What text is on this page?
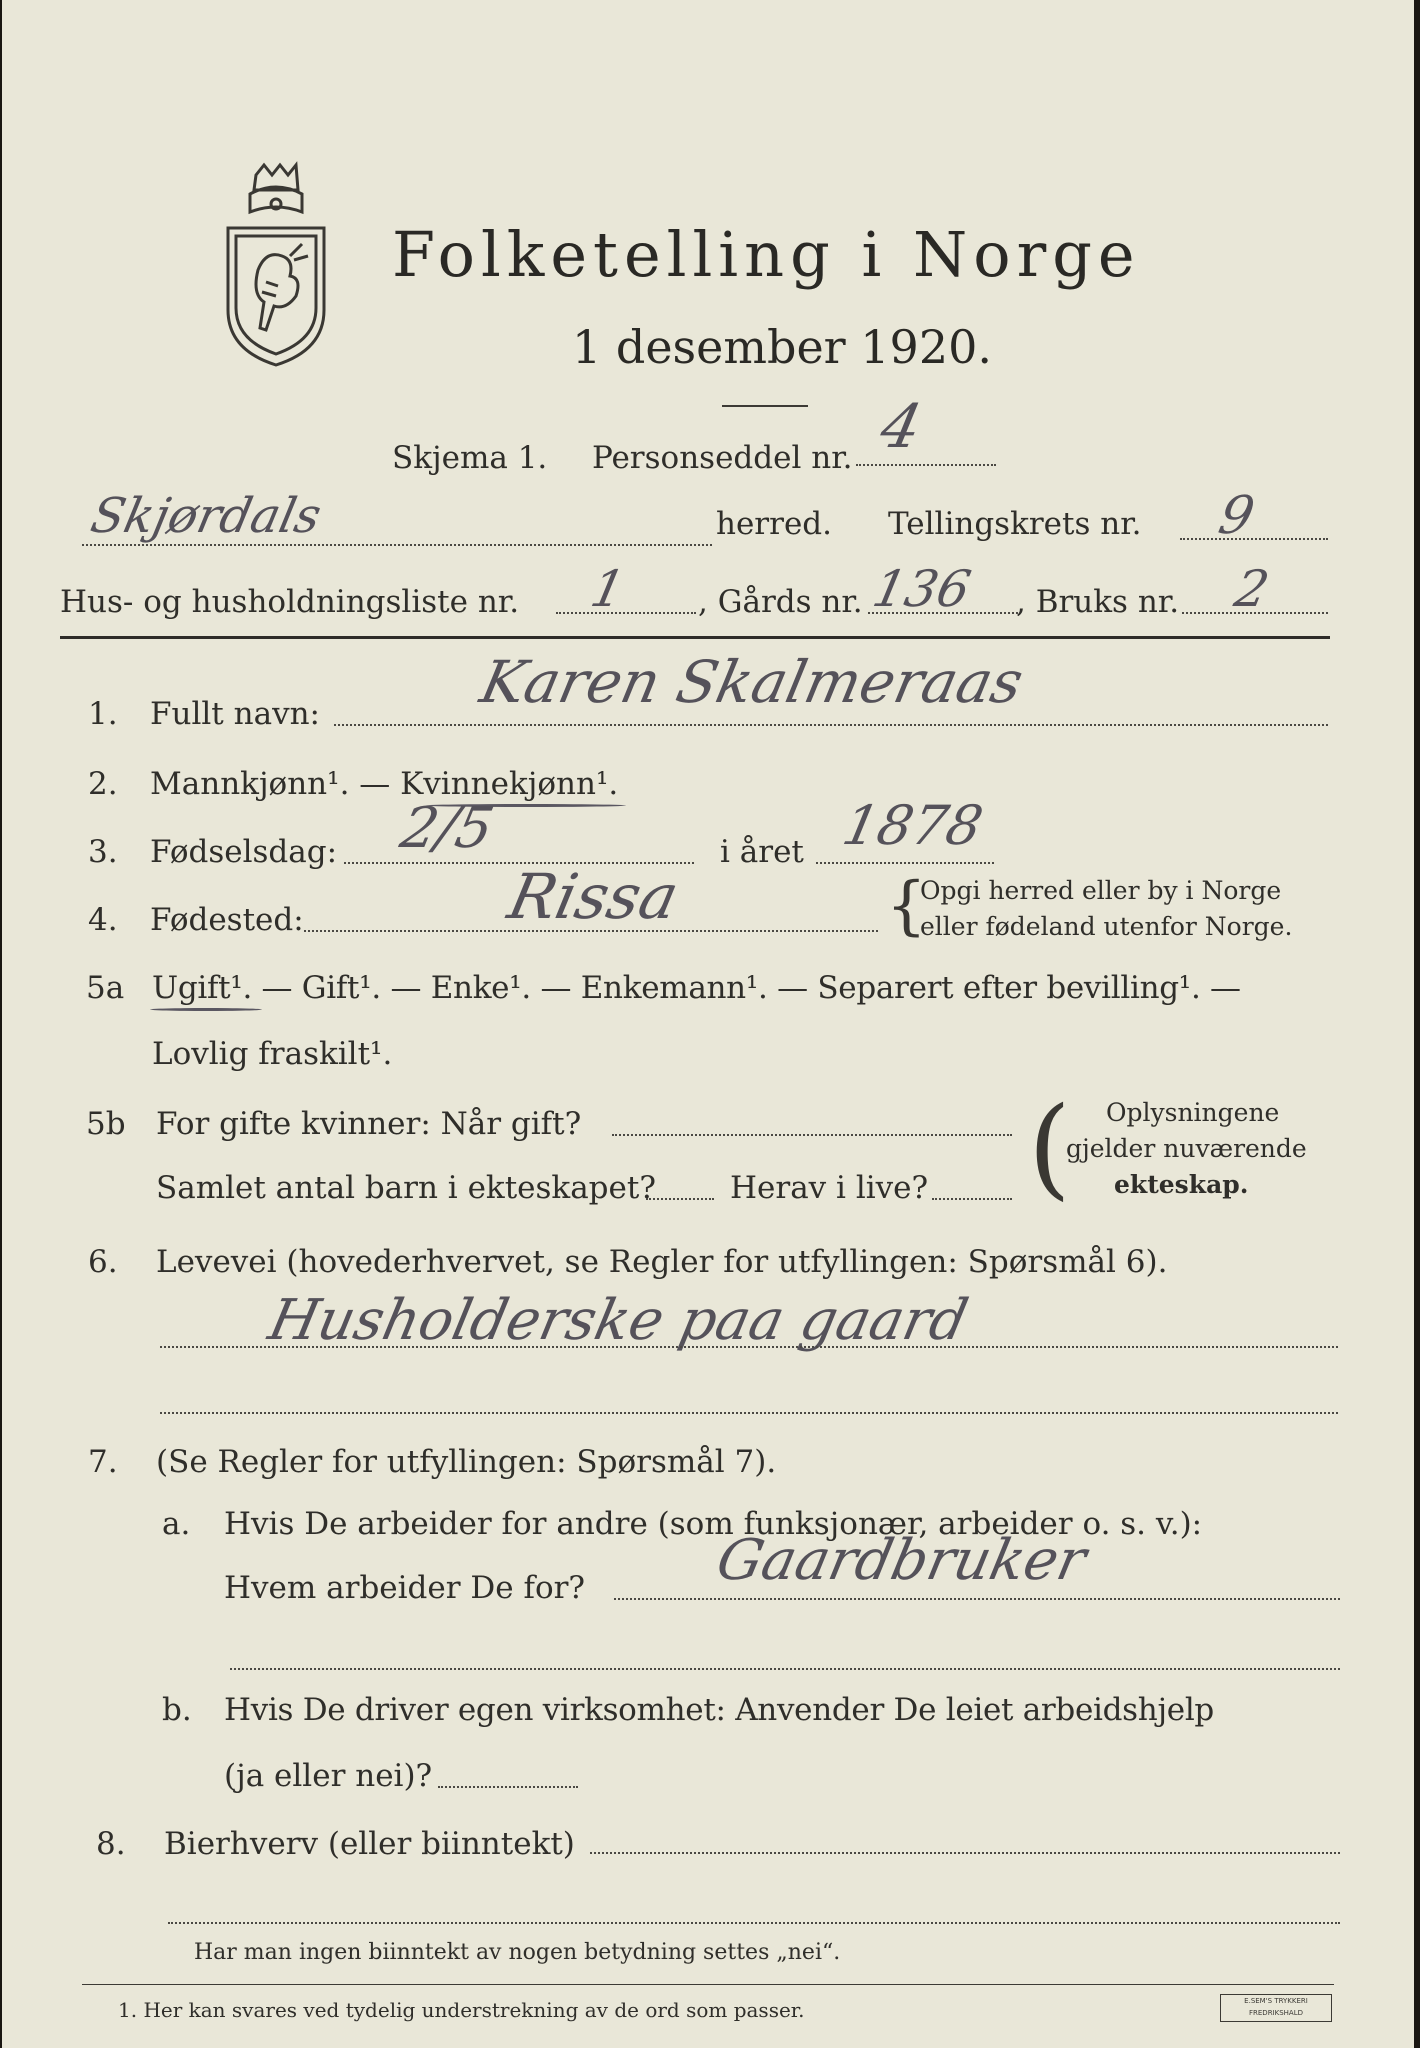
Folketelling i Norge
1 desember 1920.
Skjema 1. Personseddel nr. 4
Skjørdals	herred. Tellingskrets nr. 9
Hus- og husholdningsliste nr. 1 , Gårds nr. 136 , Bruks nr. 2
1. Fullt navn:	Karen Skalmeraas
2. Mannkjønn¹. — Kvinnekjønn¹.
3. Fødselsdag: 2/5	i året 1878
4. Fødested:	Rissa	{
Opgi herred eller by i Norge
eller fødeland utenfor Norge.
5a Ugift¹. — Gift¹. — Enke¹. — Enkemann¹. — Separert efter bevilling¹. —
Lovlig fraskilt¹.
5b For gifte kvinner: Når gift?
Samlet antal barn i ekteskapet? Herav i live? ( Oplysningene
gjelder nuværende
ekteskap.
6. Levevei (hovederhvervet, se Regler for utfyllingen: Spørsmål 6).
Husholderske paa gaard
7. (Se Regler for utfyllingen: Spørsmål 7).
a. Hvis De arbeider for andre (som funksjonær, arbeider o. s. v.):
Hvem arbeider De for? Gaardbruker
b. Hvis De driver egen virksomhet: Anvender De leiet arbeidshjelp
(ja eller nei)?
8. Bierhverv (eller biinntekt)
Har man ingen biinntekt av nogen betydning settes „nei“.
1. Her kan svares ved tydelig understrekning av de ord som passer.	E.SEM'S TRYKKERI
FREDRIKSHALD
